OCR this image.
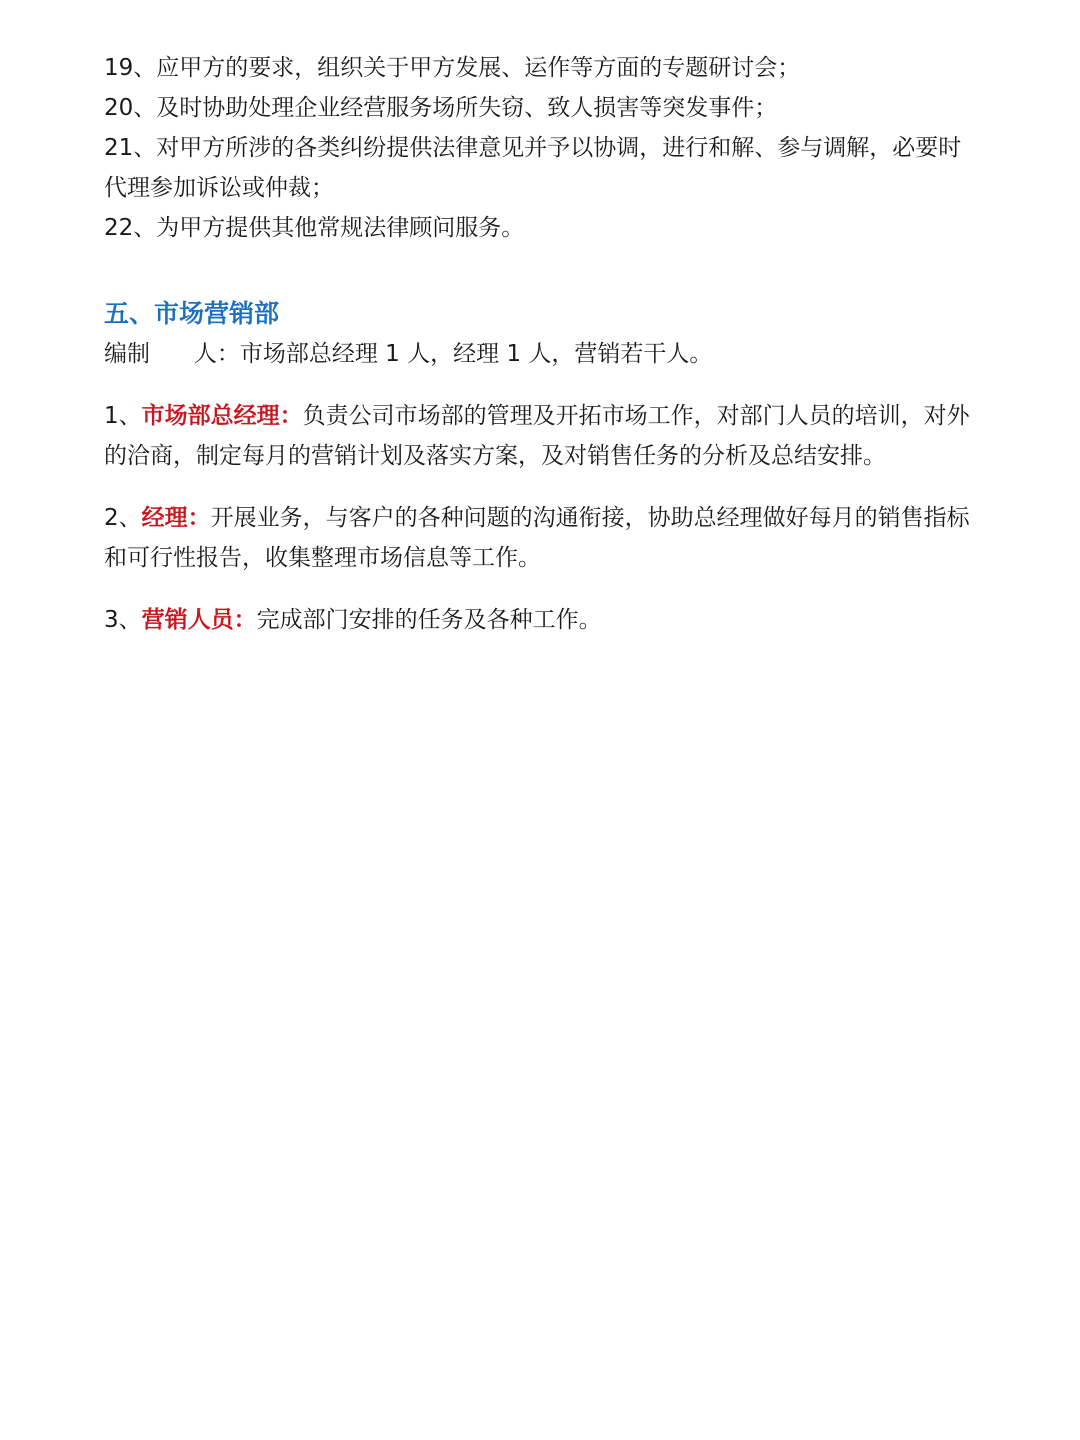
19、应甲方的要求，组织关于甲方发展、运作等方面的专题研讨会；

20、及时协助处理企业经营服务场所失窃、致人损害等突发事件；

21、对甲方所涉的各类纠纷提供法律意见并予以协调，进行和解、参与调解，必要时代理参加诉讼或仲裁；

22、为甲方提供其他常规法律顾问服务。

五、市场营销部

编制      人：市场部总经理 1 人，经理 1 人，营销若干人。

1、市场部总经理：负责公司市场部的管理及开拓市场工作，对部门人员的培训，对外的洽商，制定每月的营销计划及落实方案，及对销售任务的分析及总结安排。

2、经理：开展业务，与客户的各种问题的沟通衔接，协助总经理做好每月的销售指标和可行性报告，收集整理市场信息等工作。

3、营销人员：完成部门安排的任务及各种工作。
